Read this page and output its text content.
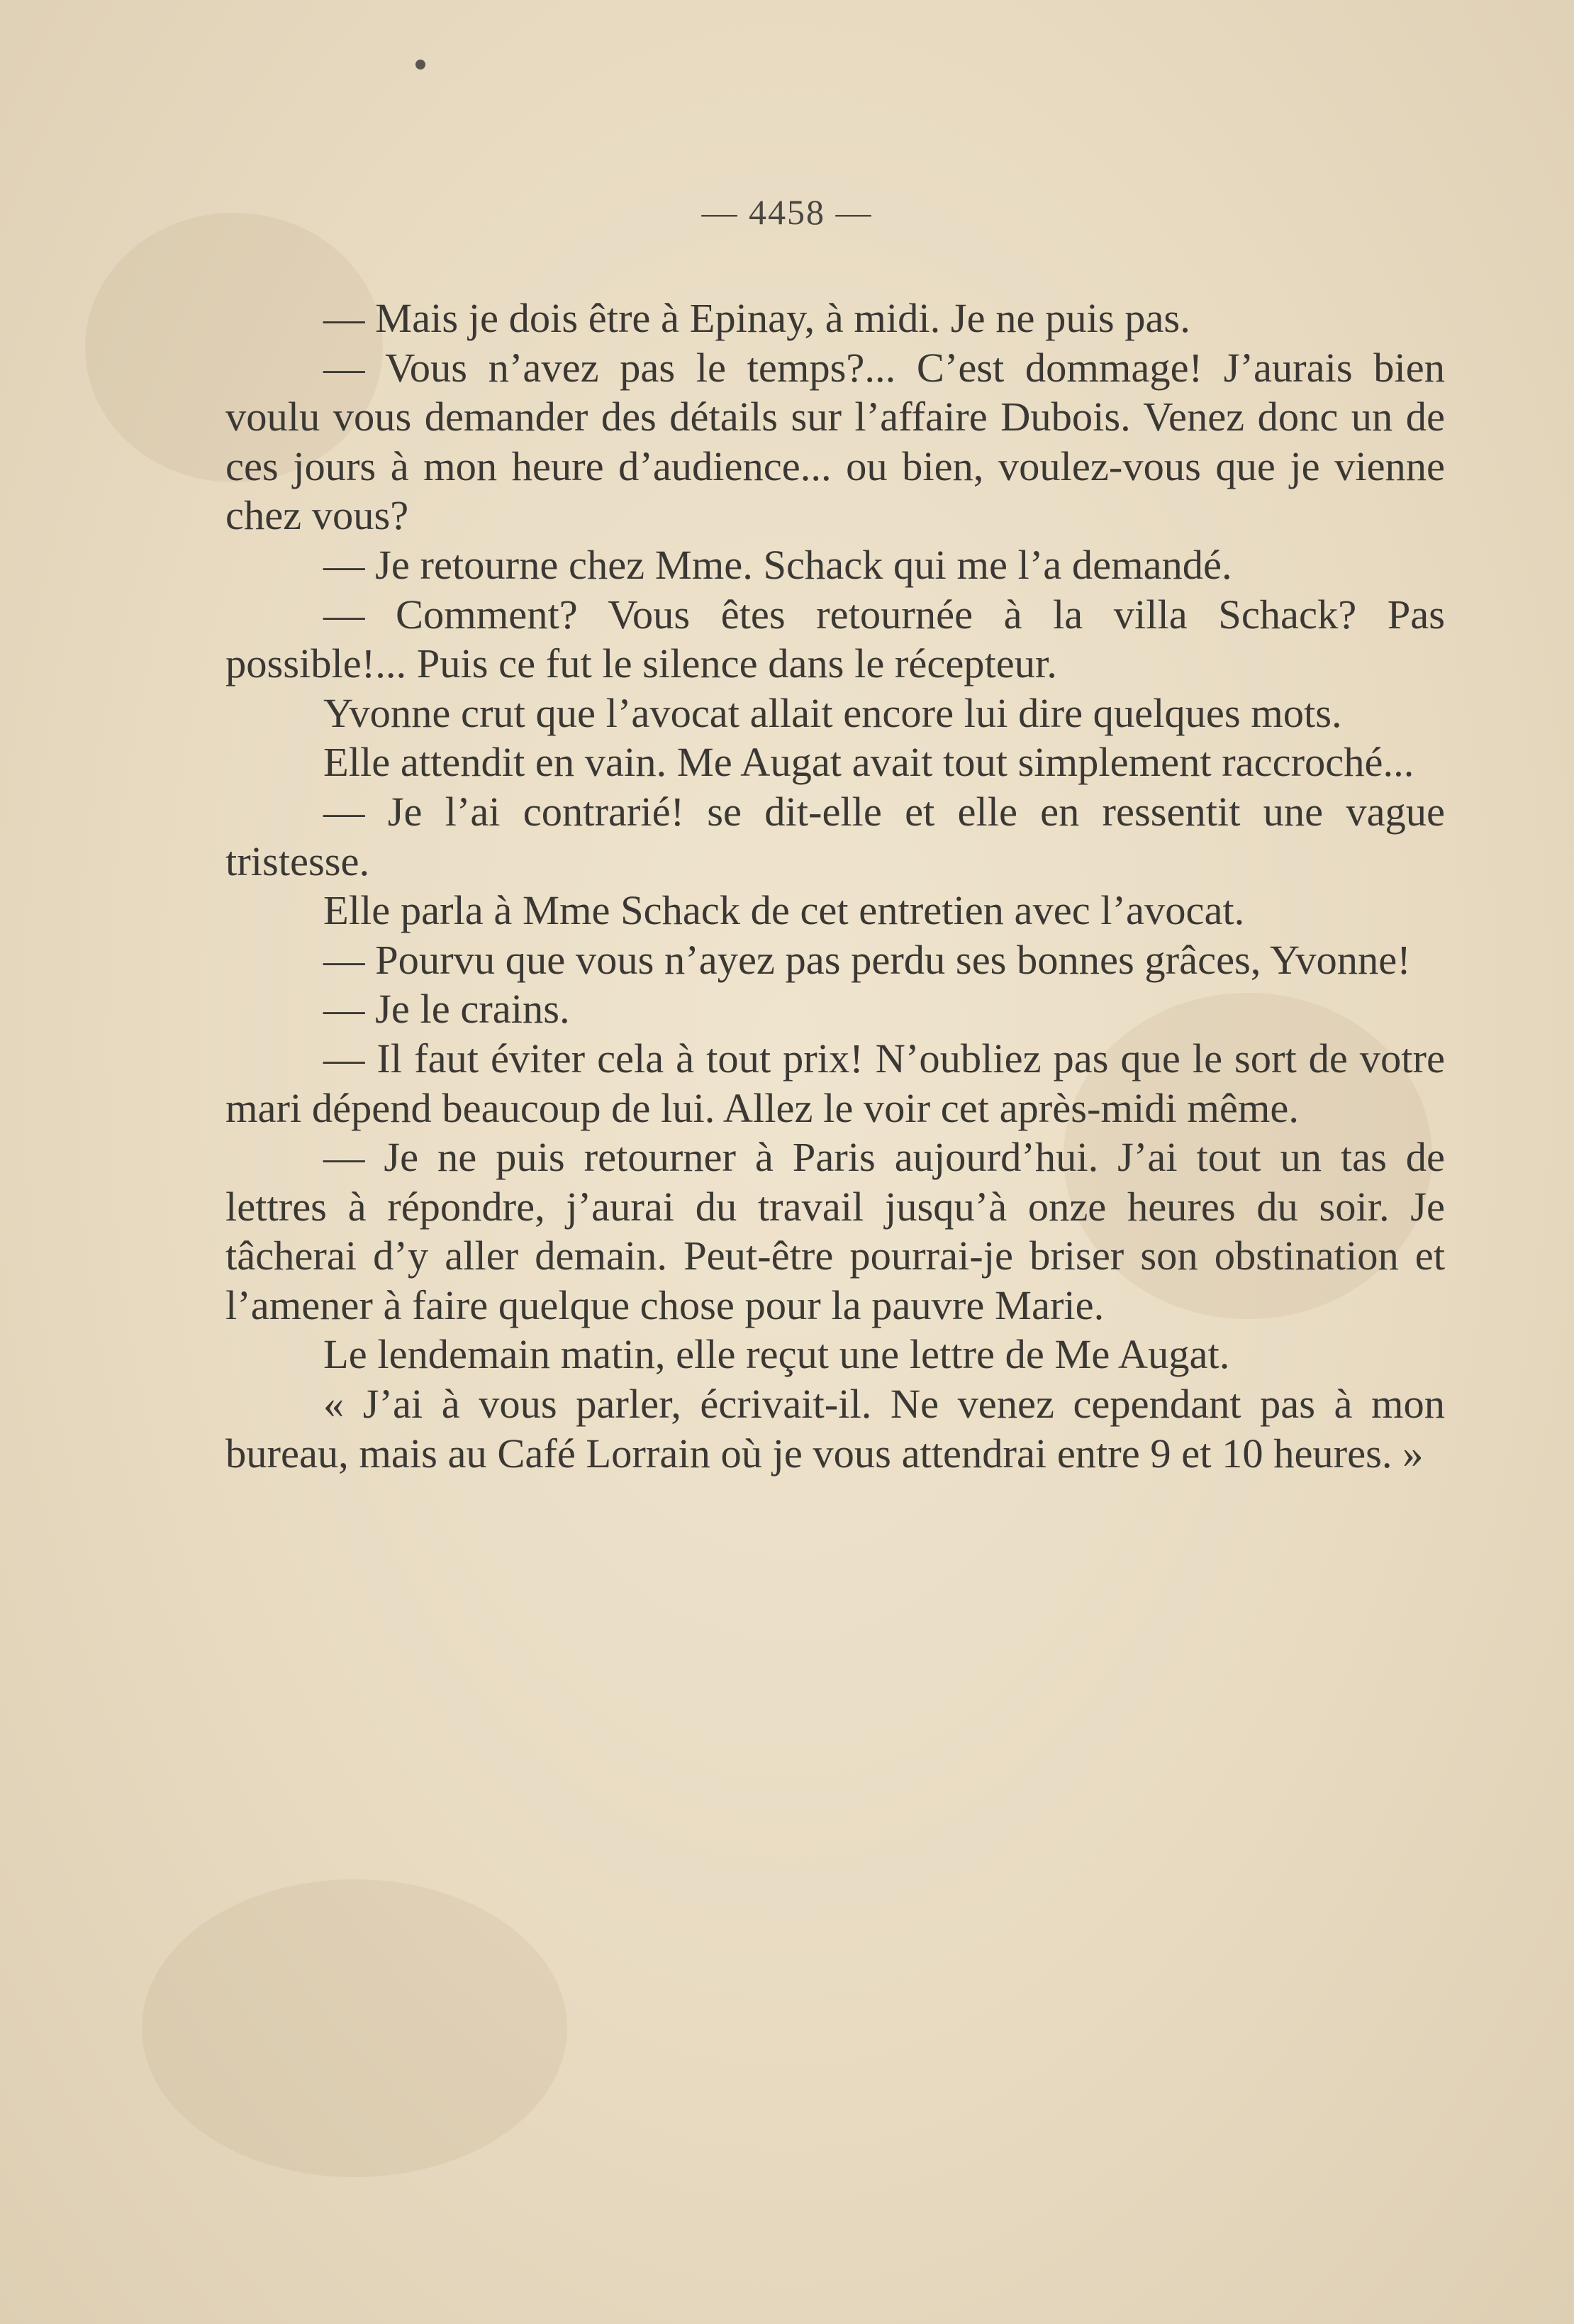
— 4458 —

— Mais je dois être à Epinay, à midi. Je ne puis pas.

— Vous n’avez pas le temps?... C’est dommage! J’aurais bien voulu vous demander des détails sur l’affaire Dubois. Venez donc un de ces jours à mon heure d’audience... ou bien, voulez-vous que je vienne chez vous?

— Je retourne chez Mme. Schack qui me l’a demandé.

— Comment? Vous êtes retournée à la villa Schack? Pas possible!... Puis ce fut le silence dans le récepteur.

Yvonne crut que l’avocat allait encore lui dire quelques mots.

Elle attendit en vain. Me Augat avait tout simplement raccroché...

— Je l’ai contrarié! se dit-elle et elle en ressentit une vague tristesse.

Elle parla à Mme Schack de cet entretien avec l’avocat.

— Pourvu que vous n’ayez pas perdu ses bonnes grâces, Yvonne!

— Je le crains.

— Il faut éviter cela à tout prix! N’oubliez pas que le sort de votre mari dépend beaucoup de lui. Allez le voir cet après-midi même.

— Je ne puis retourner à Paris aujourd’hui. J’ai tout un tas de lettres à répondre, j’aurai du travail jusqu’à onze heures du soir. Je tâcherai d’y aller demain. Peut-être pourrai-je briser son obstination et l’amener à faire quelque chose pour la pauvre Marie.

Le lendemain matin, elle reçut une lettre de Me Augat.

« J’ai à vous parler, écrivait-il. Ne venez cependant pas à mon bureau, mais au Café Lorrain où je vous attendrai entre 9 et 10 heures. »
